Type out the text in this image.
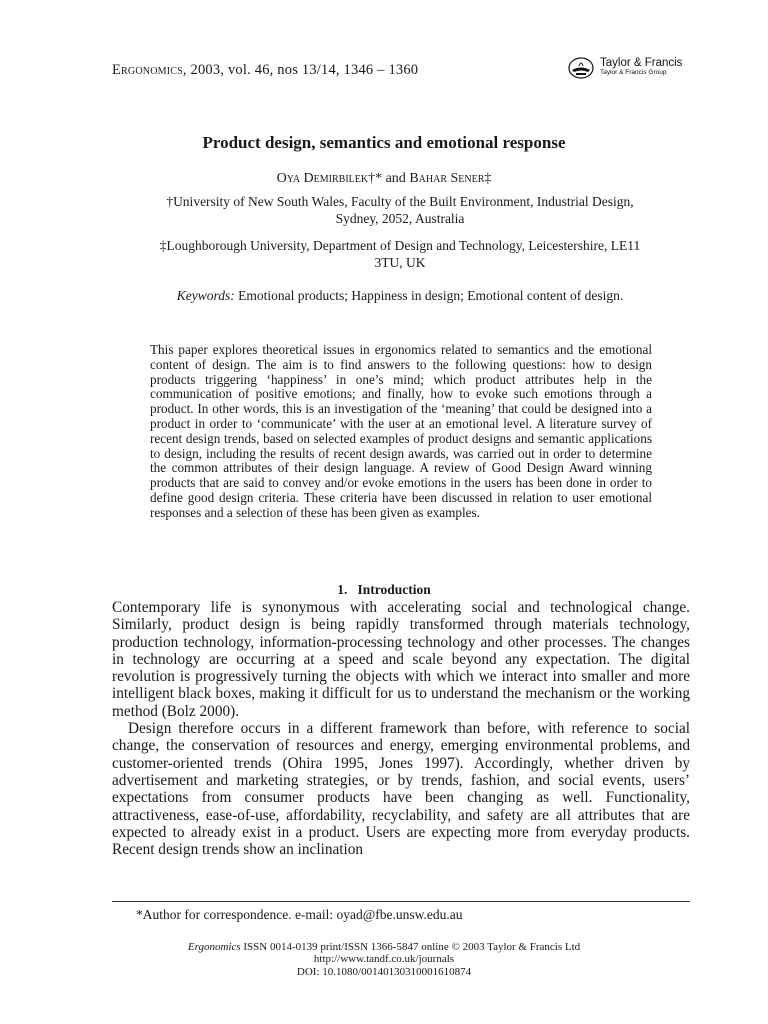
Ergonomics, 2003, vol. 46, nos 13/14, 1346 – 1360	Taylor & Francis
Taylor & Francis Group
Product design, semantics and emotional response
Oya Demirbilek†* and Bahar Sener‡
†University of New South Wales, Faculty of the Built Environment, Industrial Design, Sydney, 2052, Australia
‡Loughborough University, Department of Design and Technology, Leicestershire, LE11 3TU, UK
Keywords: Emotional products; Happiness in design; Emotional content of design.
This paper explores theoretical issues in ergonomics related to semantics and the emotional content of design. The aim is to find answers to the following questions: how to design products triggering ‘happiness’ in one’s mind; which product attributes help in the communication of positive emotions; and finally, how to evoke such emotions through a product. In other words, this is an investigation of the ‘meaning’ that could be designed into a product in order to ‘communicate’ with the user at an emotional level. A literature survey of recent design trends, based on selected examples of product designs and semantic applications to design, including the results of recent design awards, was carried out in order to determine the common attributes of their design language. A review of Good Design Award winning products that are said to convey and/or evoke emotions in the users has been done in order to define good design criteria. These criteria have been discussed in relation to user emotional responses and a selection of these has been given as examples.
1. Introduction

Contemporary life is synonymous with accelerating social and technological change. Similarly, product design is being rapidly transformed through materials technology, production technology, information-processing technology and other processes. The changes in technology are occurring at a speed and scale beyond any expectation. The digital revolution is progressively turning the objects with which we interact into smaller and more intelligent black boxes, making it difficult for us to understand the mechanism or the working method (Bolz 2000).

Design therefore occurs in a different framework than before, with reference to social change, the conservation of resources and energy, emerging environmental problems, and customer-oriented trends (Ohira 1995, Jones 1997). Accordingly, whether driven by advertisement and marketing strategies, or by trends, fashion, and social events, users’ expectations from consumer products have been changing as well. Functionality, attractiveness, ease-of-use, affordability, recyclability, and safety are all attributes that are expected to already exist in a product. Users are expecting more from everyday products. Recent design trends show an inclination

*Author for correspondence. e-mail: oyad@fbe.unsw.edu.au
Ergonomics ISSN 0014-0139 print/ISSN 1366-5847 online © 2003 Taylor & Francis Ltd
http://www.tandf.co.uk/journals
DOI: 10.1080/00140130310001610874
